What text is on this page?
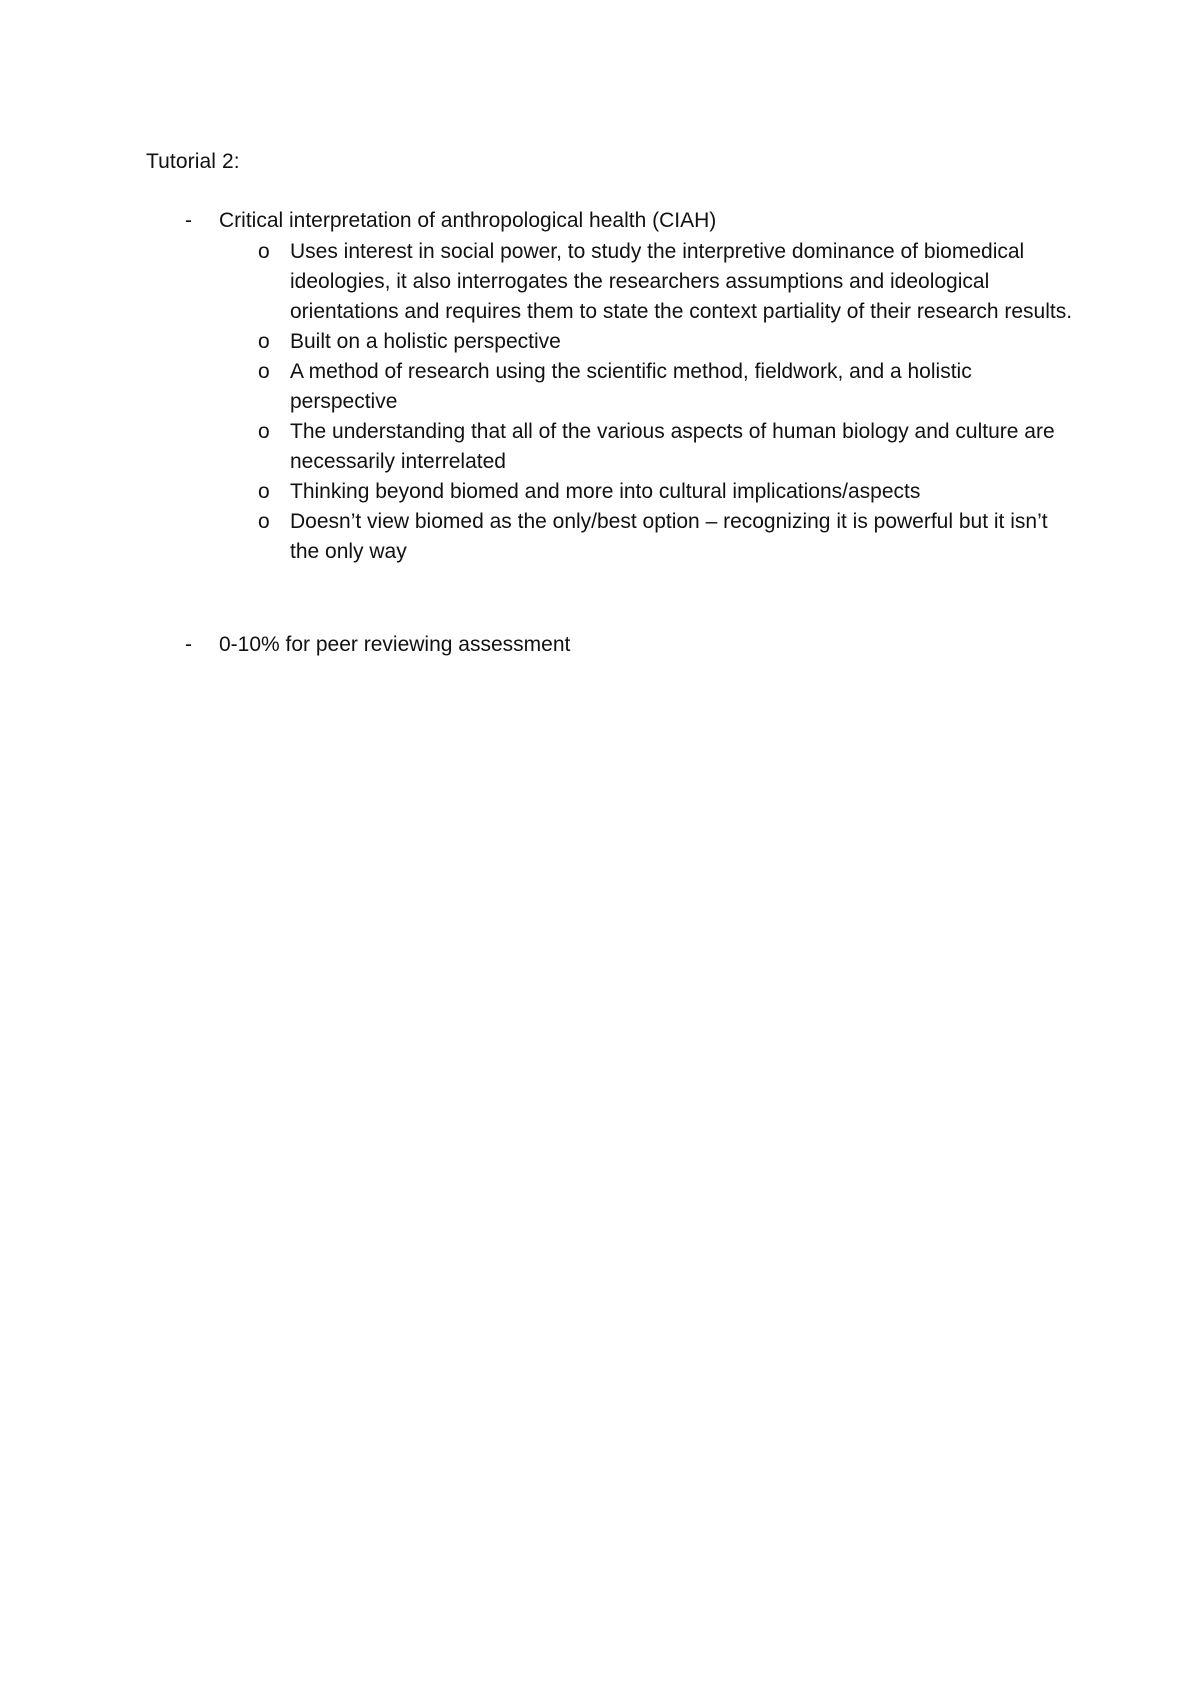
Tutorial 2:
- Critical interpretation of anthropological health (CIAH)
o Uses interest in social power, to study the interpretive dominance of biomedical ideologies, it also interrogates the researchers assumptions and ideological orientations and requires them to state the context partiality of their research results.
o Built on a holistic perspective
o A method of research using the scientific method, fieldwork, and a holistic perspective
o The understanding that all of the various aspects of human biology and culture are necessarily interrelated
o Thinking beyond biomed and more into cultural implications/aspects
o Doesn’t view biomed as the only/best option – recognizing it is powerful but it isn’t the only way
- 0-10% for peer reviewing assessment
